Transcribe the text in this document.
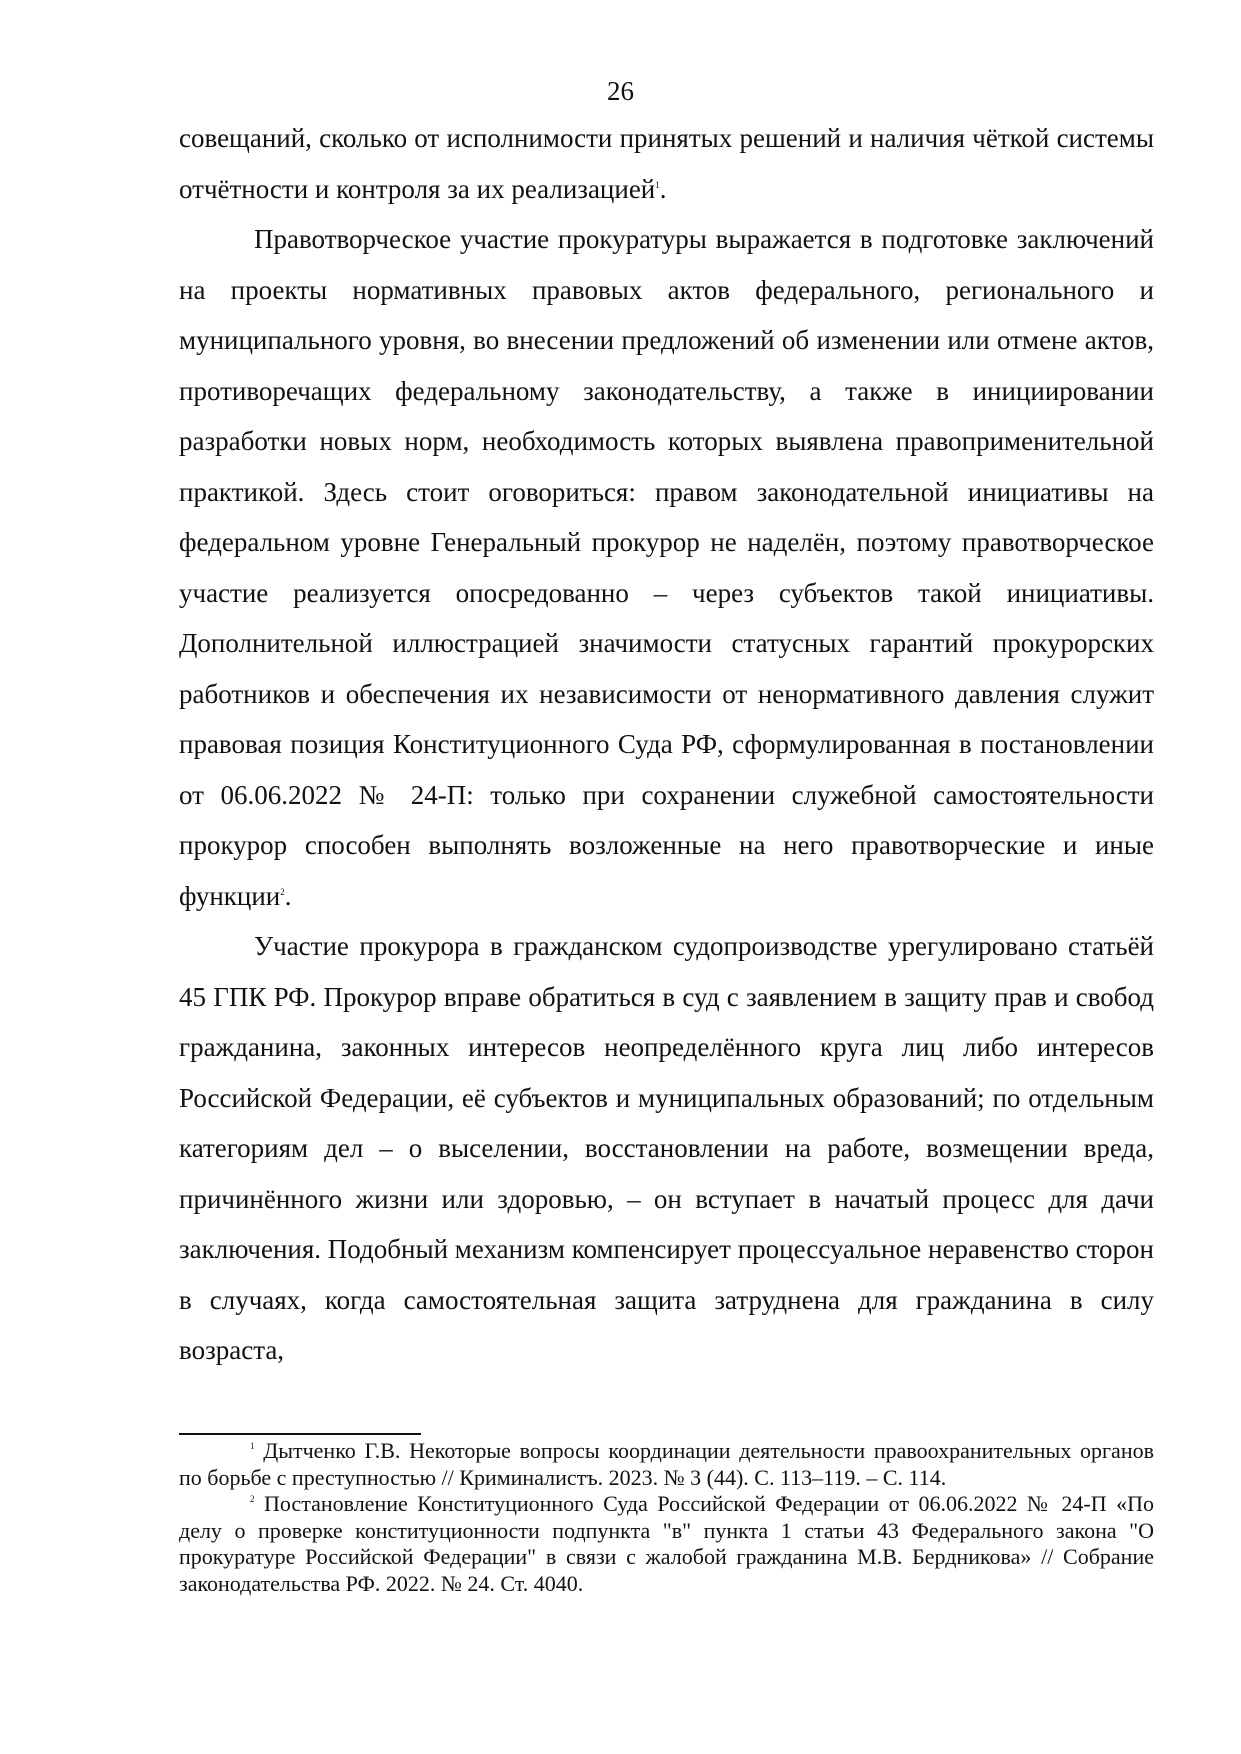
26

совещаний, сколько от исполнимости принятых решений и наличия чёткой системы отчётности и контроля за их реализацией$^1$.

Правотворческое участие прокуратуры выражается в подготовке заключений на проекты нормативных правовых актов федерального, регионального и муниципального уровня, во внесении предложений об изменении или отмене актов, противоречащих федеральному законодательству, а также в инициировании разработки новых норм, необходимость которых выявлена правоприменительной практикой. Здесь стоит оговориться: правом законодательной инициативы на федеральном уровне Генеральный прокурор не наделён, поэтому правотворческое участие реализуется опосредованно – через субъектов такой инициативы. Дополнительной иллюстрацией значимости статусных гарантий прокурорских работников и обеспечения их независимости от ненормативного давления служит правовая позиция Конституционного Суда РФ, сформулированная в постановлении от 06.06.2022 № 24-П: только при сохранении служебной самостоятельности прокурор способен выполнять возложенные на него правотворческие и иные функции$^2$.

Участие прокурора в гражданском судопроизводстве урегулировано статьёй 45 ГПК РФ. Прокурор вправе обратиться в суд с заявлением в защиту прав и свобод гражданина, законных интересов неопределённого круга лиц либо интересов Российской Федерации, её субъектов и муниципальных образований; по отдельным категориям дел – о выселении, восстановлении на работе, возмещении вреда, причинённого жизни или здоровью, – он вступает в начатый процесс для дачи заключения. Подобный механизм компенсирует процессуальное неравенство сторон в случаях, когда самостоятельная защита затруднена для гражданина в силу возраста,

$^1$ Дытченко Г.В. Некоторые вопросы координации деятельности правоохранительных органов по борьбе с преступностью // Криминалистъ. 2023. № 3 (44). С. 113–119. – С. 114.

$^2$ Постановление Конституционного Суда Российской Федерации от 06.06.2022 № 24-П «По делу о проверке конституционности подпункта "в" пункта 1 статьи 43 Федерального закона "О прокуратуре Российской Федерации" в связи с жалобой гражданина М.В. Бердникова» // Собрание законодательства РФ. 2022. № 24. Ст. 4040.
